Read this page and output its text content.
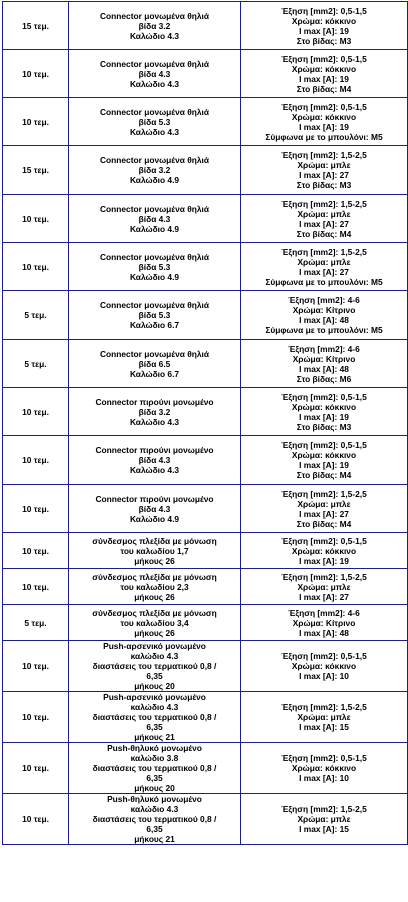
15 τεμ.	Connector μονωμένα θηλιά
βίδα 3.2
Καλώδιο 4.3	Έξηση [mm2]: 0,5-1,5
Χρώμα: κόκκινο
I max [A]: 19
Στο βίδας: M3

10 τεμ.	Connector μονωμένα θηλιά
βίδα 4.3
Καλώδιο 4.3	Έξηση [mm2]: 0,5-1,5
Χρώμα: κόκκινο
I max [A]: 19
Στο βίδας: M4

10 τεμ.	Connector μονωμένα θηλιά
βίδα 5.3
Καλώδιο 4.3	Έξηση [mm2]: 0,5-1,5
Χρώμα: κόκκινο
I max [A]: 19
Σύμφωνα με το μπουλόνι: M5

15 τεμ.	Connector μονωμένα θηλιά
βίδα 3.2
Καλώδιο 4.9	Έξηση [mm2]: 1,5-2,5
Χρώμα: μπλε
I max [A]: 27
Στο βίδας: M3

10 τεμ.	Connector μονωμένα θηλιά
βίδα 4.3
Καλώδιο 4.9	Έξηση [mm2]: 1,5-2,5
Χρώμα: μπλε
I max [A]: 27
Στο βίδας: M4

10 τεμ.	Connector μονωμένα θηλιά
βίδα 5.3
Καλώδιο 4.9	Έξηση [mm2]: 1,5-2,5
Χρώμα: μπλε
I max [A]: 27
Σύμφωνα με το μπουλόνι: M5

5 τεμ.	Connector μονωμένα θηλιά
βίδα 5.3
Καλώδιο 6.7	Έξηση [mm2]: 4-6
Χρώμα: Κίτρινο
I max [A]: 48
Σύμφωνα με το μπουλόνι: M5

5 τεμ.	Connector μονωμένα θηλιά
βίδα 6.5
Καλώδιο 6.7	Έξηση [mm2]: 4-6
Χρώμα: Κίτρινο
I max [A]: 48
Στο βίδας: M6

10 τεμ.	Connector πιρούνι μονωμένο
βίδα 3.2
Καλώδιο 4.3	Έξηση [mm2]: 0,5-1,5
Χρώμα: κόκκινο
I max [A]: 19
Στο βίδας: M3

10 τεμ.	Connector πιρούνι μονωμένο
βίδα 4.3
Καλώδιο 4.3	Έξηση [mm2]: 0,5-1,5
Χρώμα: κόκκινο
I max [A]: 19
Στο βίδας: M4

10 τεμ.	Connector πιρούνι μονωμένο
βίδα 4.3
Καλώδιο 4.9	Έξηση [mm2]: 1,5-2,5
Χρώμα: μπλε
I max [A]: 27
Στο βίδας: M4

10 τεμ.	σύνδεσμος πλεξίδα με μόνωση
του καλωδίου 1,7
μήκους 26	Έξηση [mm2]: 0,5-1,5
Χρώμα: κόκκινο
I max [A]: 19

10 τεμ.	σύνδεσμος πλεξίδα με μόνωση
του καλωδίου 2,3
μήκους 26	Έξηση [mm2]: 1,5-2,5
Χρώμα: μπλε
I max [A]: 27

5 τεμ.	σύνδεσμος πλεξίδα με μόνωση
του καλωδίου 3,4
μήκους 26	Έξηση [mm2]: 4-6
Χρώμα: Κίτρινο
I max [A]: 48

10 τεμ.	Push-αρσενικό μονωμένο
καλώδιο 4.3
διαστάσεις του τερματικού 0,8 /
6,35
μήκους 20	Έξηση [mm2]: 0,5-1,5
Χρώμα: κόκκινο
I max [A]: 10

10 τεμ.	Push-αρσενικό μονωμένο
καλώδιο 4.3
διαστάσεις του τερματικού 0,8 /
6,35
μήκους 21	Έξηση [mm2]: 1,5-2,5
Χρώμα: μπλε
I max [A]: 15

10 τεμ.	Push-θηλυκό μονωμένο
καλώδιο 3.8
διαστάσεις του τερματικού 0,8 /
6,35
μήκους 20	Έξηση [mm2]: 0,5-1,5
Χρώμα: κόκκινο
I max [A]: 10

10 τεμ.	Push-θηλυκό μονωμένο
καλώδιο 4.3
διαστάσεις του τερματικού 0,8 /
6,35
μήκους 21	Έξηση [mm2]: 1,5-2,5
Χρώμα: μπλε
I max [A]: 15
